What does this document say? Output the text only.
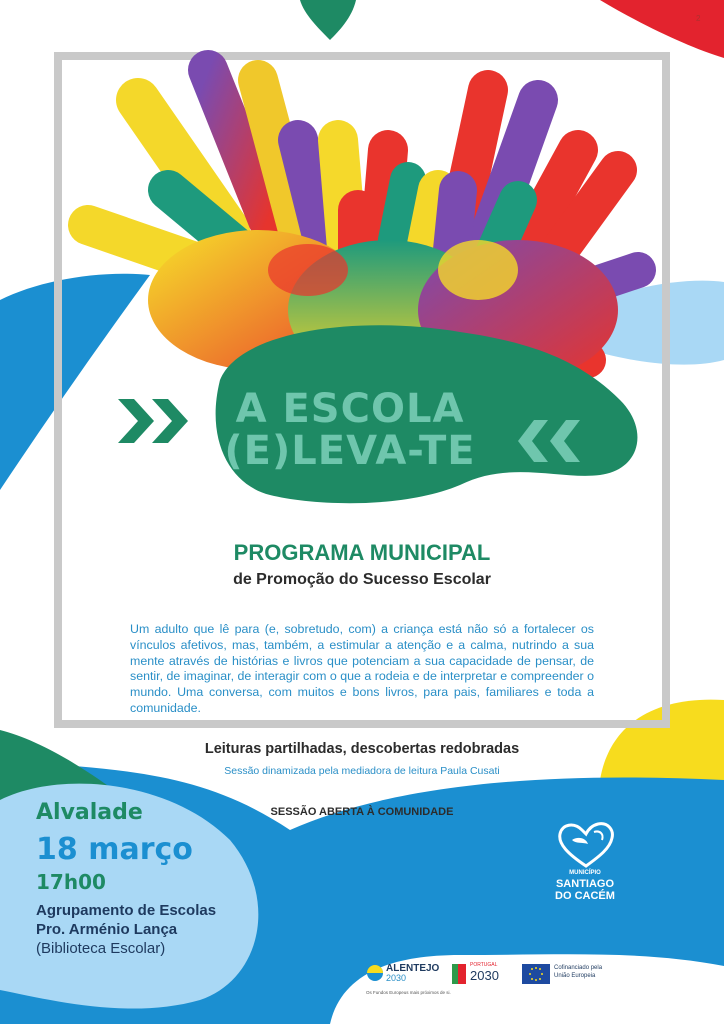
A ESCOLA
(E)LEVA-TE
2
PROGRAMA MUNICIPAL
de Promoção do Sucesso Escolar
Um adulto que lê para (e, sobretudo, com) a criança está não só a fortalecer os vínculos afetivos, mas, também, a estimular a atenção e a calma, nutrindo a sua mente através de histórias e livros que potenciam a sua capacidade de pensar, de sentir, de imaginar, de interagir com o que a rodeia e de interpretar e compreender o mundo. Uma conversa, com muitos e bons livros, para pais, familiares e toda a comunidade.
Leituras partilhadas, descobertas redobradas
Sessão dinamizada pela mediadora de leitura Paula Cusati
SESSÃO ABERTA À COMUNIDADE
Alvalade
18 março
17h00
Agrupamento de Escolas
Pro. Arménio Lança
(Biblioteca Escolar)
MUNICÍPIO
SANTIAGO
DO CACÉM
ALENTEJO
2030
Os Fundos Europeus mais próximos de si.
PORTUGAL
2030	Cofinanciado pela
União Europeia
